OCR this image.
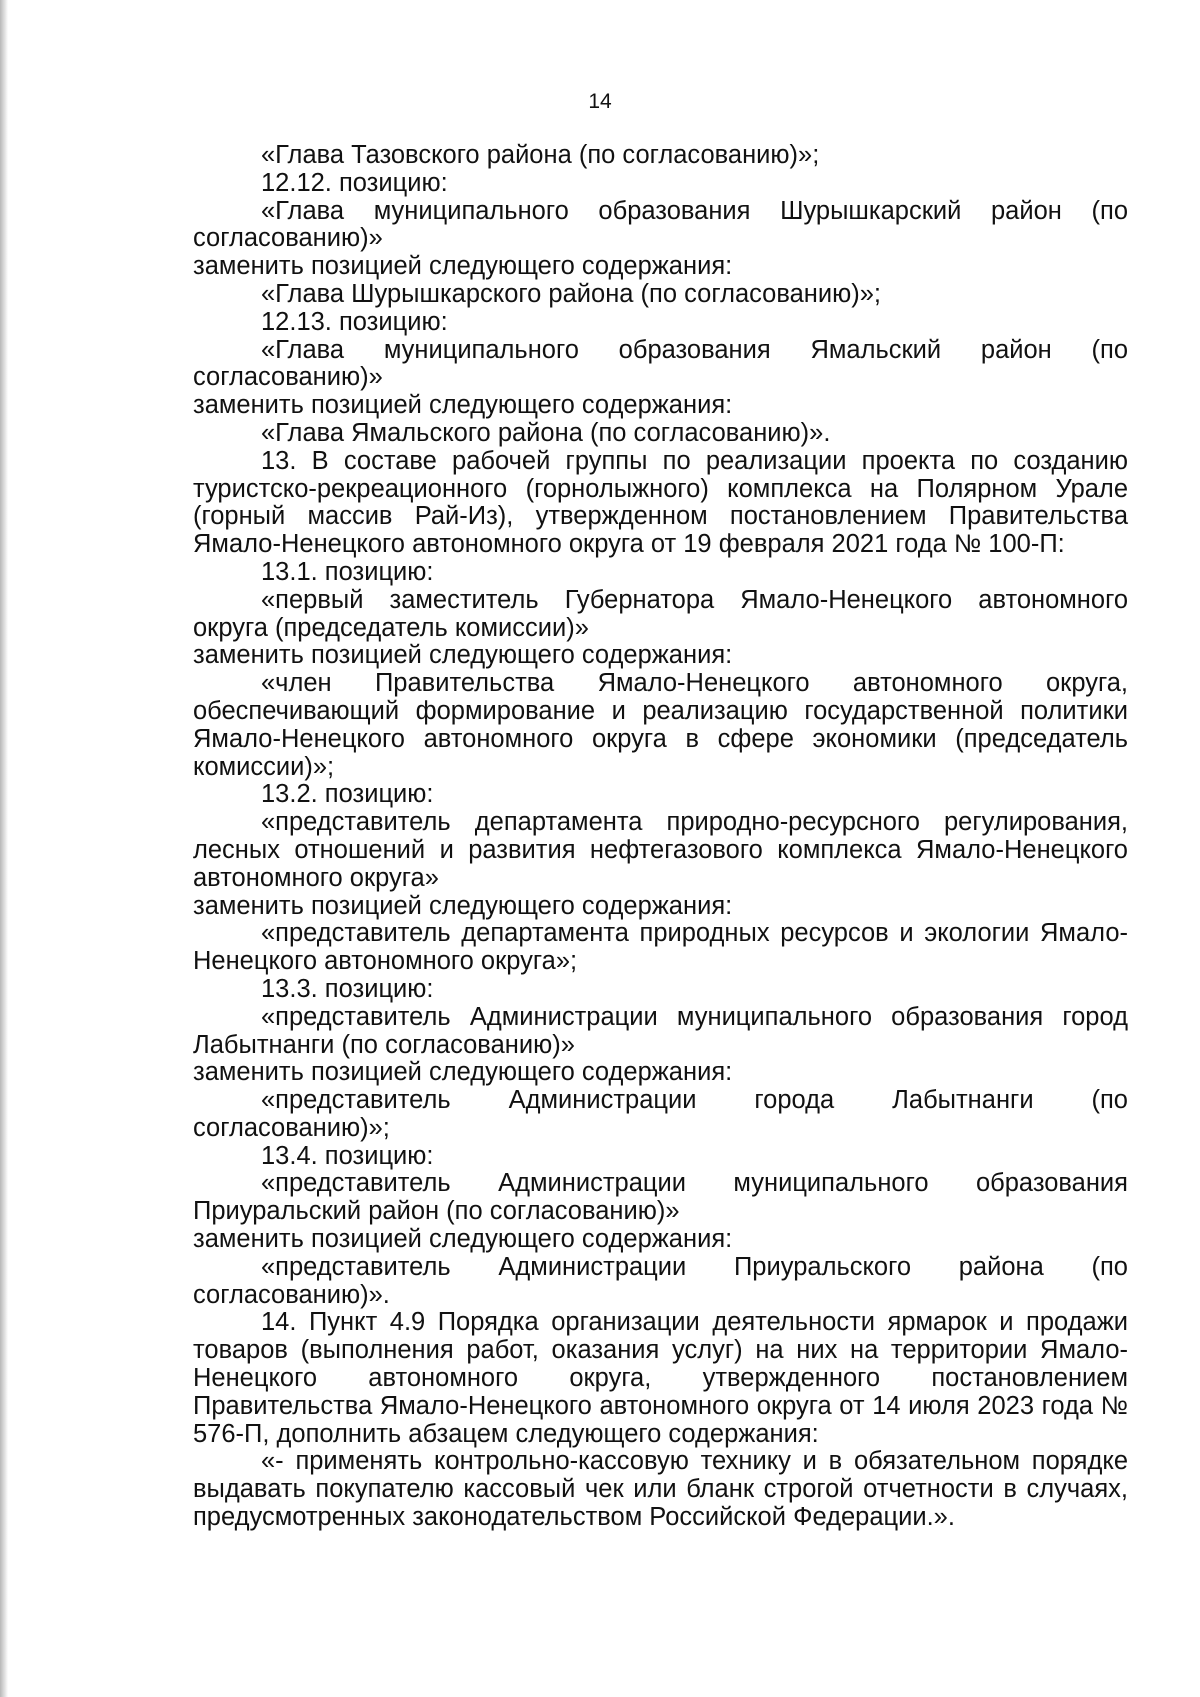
14
«Глава Тазовского района (по согласованию)»;
12.12. позицию:
«Глава муниципального образования Шурышкарский район (по согласованию)»
заменить позицией следующего содержания:
«Глава Шурышкарского района (по согласованию)»;
12.13. позицию:
«Глава муниципального образования Ямальский район (по согласованию)»
заменить позицией следующего содержания:
«Глава Ямальского района (по согласованию)».
13. В составе рабочей группы по реализации проекта по созданию туристско-рекреационного (горнолыжного) комплекса на Полярном Урале (горный массив Рай-Из), утвержденном постановлением Правительства Ямало-Ненецкого автономного округа от 19 февраля 2021 года № 100-П:
13.1. позицию:
«первый заместитель Губернатора Ямало-Ненецкого автономного округа (председатель комиссии)»
заменить позицией следующего содержания:
«член Правительства Ямало-Ненецкого автономного округа, обеспечивающий формирование и реализацию государственной политики Ямало-Ненецкого автономного округа в сфере экономики (председатель комиссии)»;
13.2. позицию:
«представитель департамента природно-ресурсного регулирования, лесных отношений и развития нефтегазового комплекса Ямало-Ненецкого автономного округа»
заменить позицией следующего содержания:
«представитель департамента природных ресурсов и экологии Ямало-Ненецкого автономного округа»;
13.3. позицию:
«представитель Администрации муниципального образования город Лабытнанги (по согласованию)»
заменить позицией следующего содержания:
«представитель Администрации города Лабытнанги (по согласованию)»;
13.4. позицию:
«представитель Администрации муниципального образования Приуральский район (по согласованию)»
заменить позицией следующего содержания:
«представитель Администрации Приуральского района (по согласованию)».
14. Пункт 4.9 Порядка организации деятельности ярмарок и продажи товаров (выполнения работ, оказания услуг) на них на территории Ямало-Ненецкого автономного округа, утвержденного постановлением Правительства Ямало-Ненецкого автономного округа от 14 июля 2023 года № 576-П, дополнить абзацем следующего содержания:
«- применять контрольно-кассовую технику и в обязательном порядке выдавать покупателю кассовый чек или бланк строгой отчетности в случаях, предусмотренных законодательством Российской Федерации.».
